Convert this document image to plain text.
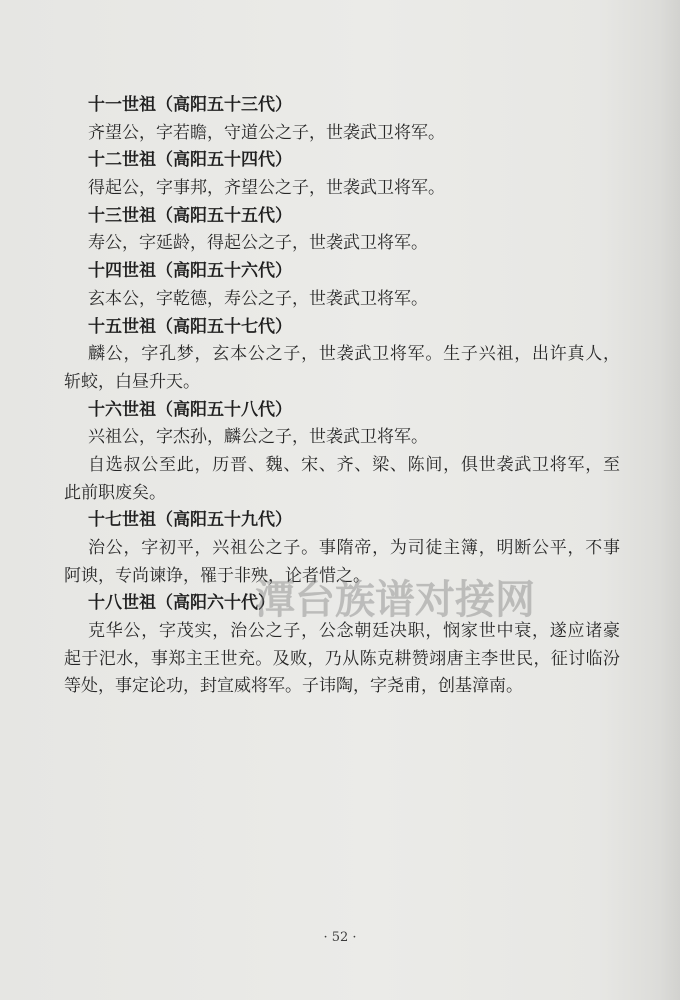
十一世祖（高阳五十三代）
齐望公，字若瞻，守道公之子，世袭武卫将军。
十二世祖（高阳五十四代）
得起公，字事邦，齐望公之子，世袭武卫将军。
十三世祖（高阳五十五代）
寿公，字延龄，得起公之子，世袭武卫将军。
十四世祖（高阳五十六代）
玄本公，字乾德，寿公之子，世袭武卫将军。
十五世祖（高阳五十七代）
麟公，字孔梦，玄本公之子，世袭武卫将军。生子兴祖，出许真人，
斩蛟，白昼升天。
十六世祖（高阳五十八代）
兴祖公，字杰孙，麟公之子，世袭武卫将军。
自选叔公至此，历晋、魏、宋、齐、梁、陈间，俱世袭武卫将军，至
此前职废矣。
十七世祖（高阳五十九代）
治公，字初平，兴祖公之子。事隋帝，为司徒主簿，明断公平，不事
阿谀，专尚谏诤，罹于非殃，论者惜之。
十八世祖（高阳六十代）
克华公，字茂实，治公之子，公念朝廷决职，悯家世中衰，遂应诸豪
起于汜水，事郑主王世充。及败，乃从陈克耕赞翊唐主李世民，征讨临汾
等处，事定论功，封宣威将军。子讳陶，字尧甫，创基漳南。
潭台族谱对接网
· 52 ·
